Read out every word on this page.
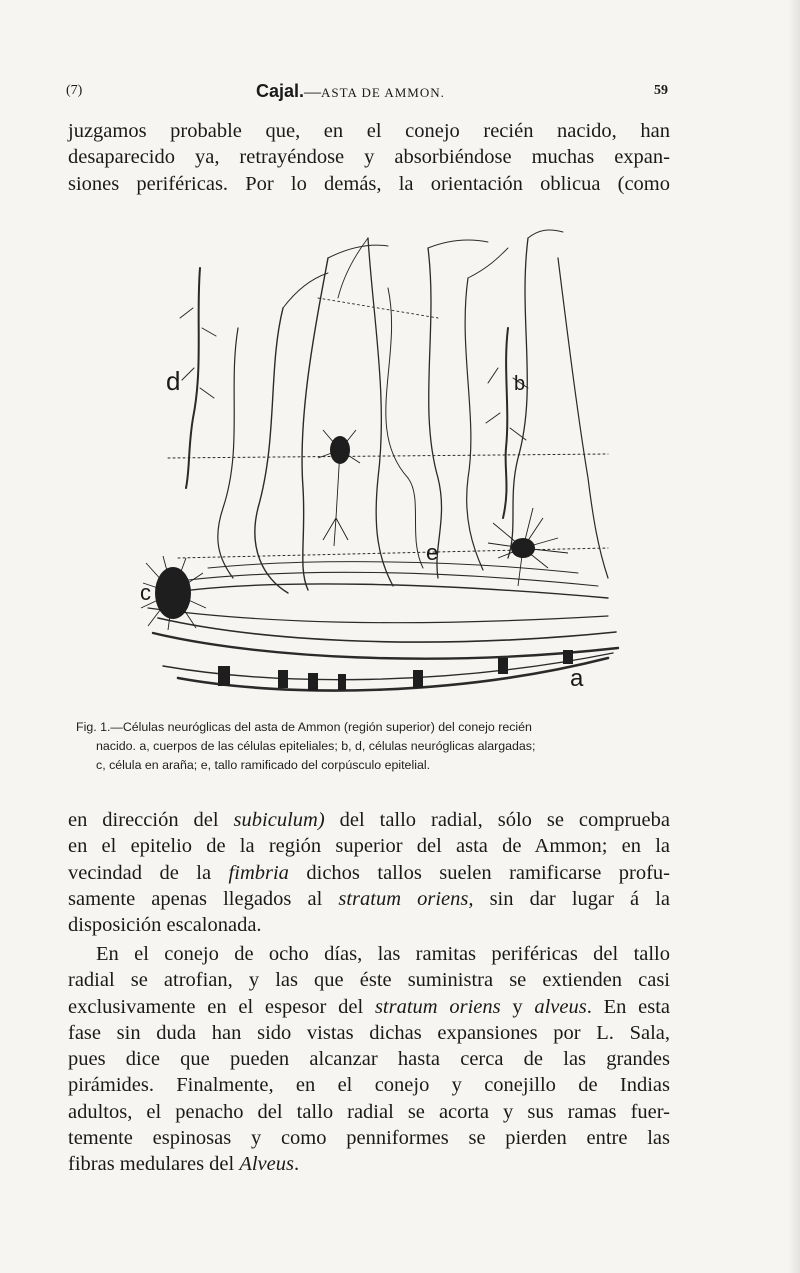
(7)	Cajal.—ASTA DE AMMON.	59
juzgamos probable que, en el conejo recién nacido, han
desaparecido ya, retrayéndose y absorbiéndose muchas expan-
siones periféricas. Por lo demás, la orientación oblicua (como
d	b
c
e
a
Fig. 1.—Células neuróglicas del asta de Ammon (región superior) del conejo recién
nacido. a, cuerpos de las células epiteliales; b, d, células neuróglicas alargadas;
c, célula en araña; e, tallo ramificado del corpúsculo epitelial.
en dirección del subiculum) del tallo radial, sólo se comprueba
en el epitelio de la región superior del asta de Ammon; en la
vecindad de la fimbria dichos tallos suelen ramificarse profu-
samente apenas llegados al stratum oriens, sin dar lugar á la
disposición escalonada.
En el conejo de ocho días, las ramitas periféricas del tallo
radial se atrofian, y las que éste suministra se extienden casi
exclusivamente en el espesor del stratum oriens y alveus. En esta
fase sin duda han sido vistas dichas expansiones por L. Sala,
pues dice que pueden alcanzar hasta cerca de las grandes
pirámides. Finalmente, en el conejo y conejillo de Indias
adultos, el penacho del tallo radial se acorta y sus ramas fuer-
temente espinosas y como penniformes se pierden entre las
fibras medulares del Alveus.
